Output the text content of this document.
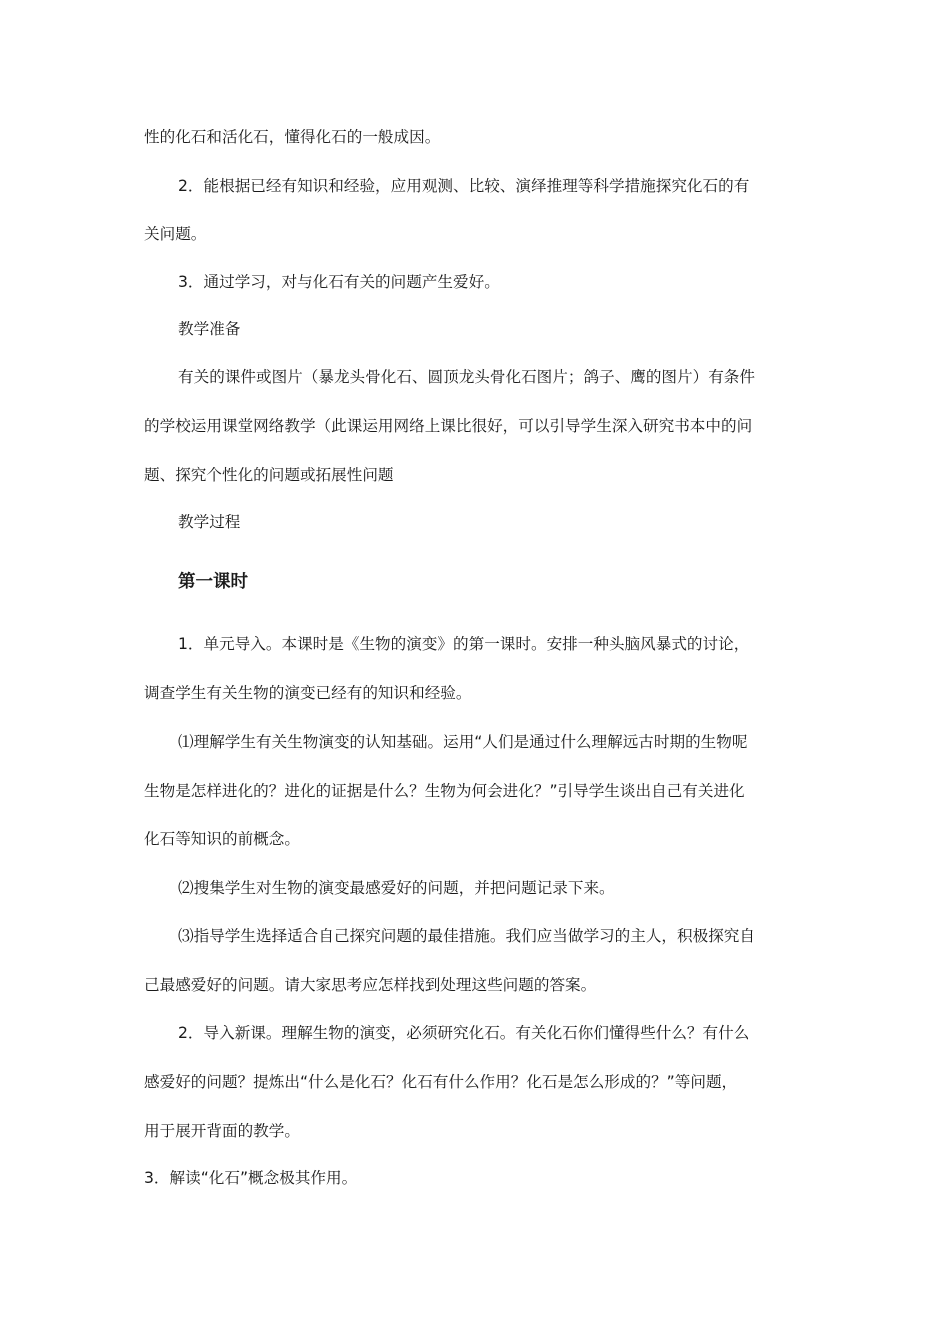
性的化石和活化石，懂得化石的一般成因。
2．能根据已经有知识和经验，应用观测、比较、演绎推理等科学措施探究化石的有
关问题。
3．通过学习，对与化石有关的问题产生爱好。
教学准备
有关的课件或图片（暴龙头骨化石、圆顶龙头骨化石图片；鸽子、鹰的图片）有条件
的学校运用课堂网络教学（此课运用网络上课比很好，可以引导学生深入研究书本中的问
题、探究个性化的问题或拓展性问题
教学过程
第一课时
1．单元导入。本课时是《生物的演变》的第一课时。安排一种头脑风暴式的讨论，
调查学生有关生物的演变已经有的知识和经验。
⑴理解学生有关生物演变的认知基础。运用“人们是通过什么理解远古时期的生物呢
生物是怎样进化的？进化的证据是什么？生物为何会进化？”引导学生谈出自己有关进化
化石等知识的前概念。
⑵搜集学生对生物的演变最感爱好的问题，并把问题记录下来。
⑶指导学生选择适合自己探究问题的最佳措施。我们应当做学习的主人，积极探究自
己最感爱好的问题。请大家思考应怎样找到处理这些问题的答案。
2．导入新课。理解生物的演变，必须研究化石。有关化石你们懂得些什么？有什么
感爱好的问题？提炼出“什么是化石？化石有什么作用？化石是怎么形成的？”等问题，
用于展开背面的教学。
3．解读“化石”概念极其作用。
